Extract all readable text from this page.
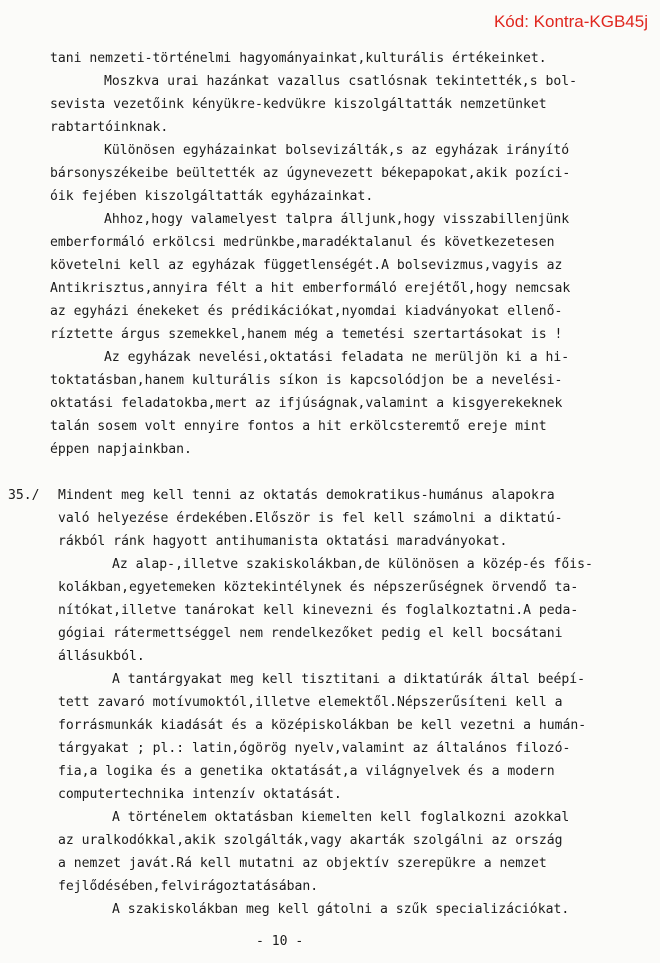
Kód: Kontra-KGB45j
tani nemzeti-történelmi hagyományainkat,kulturális értékeinket.
Moszkva urai hazánkat vazallus csatlósnak tekintették,s bol-
sevista vezetőink kényükre-kedvükre kiszolgáltatták nemzetünket
rabtartóinknak.
Különösen egyházainkat bolsevizálták,s az egyházak irányító
bársonyszékeibe beültették az úgynevezett békepapokat,akik pozíci-
óik fejében kiszolgáltatták egyházainkat.
Ahhoz,hogy valamelyest talpra álljunk,hogy visszabillenjünk
emberformáló erkölcsi medrünkbe,maradéktalanul és következetesen
követelni kell az egyházak függetlenségét.A bolsevizmus,vagyis az
Antikrisztus,annyira félt a hit emberformáló erejétől,hogy nemcsak
az egyházi énekeket és prédikációkat,nyomdai kiadványokat ellenő-
ríztette árgus szemekkel,hanem még a temetési szertartásokat is !
Az egyházak nevelési,oktatási feladata ne merüljön ki a hi-
toktatásban,hanem kulturális síkon is kapcsolódjon be a nevelési-
oktatási feladatokba,mert az ifjúságnak,valamint a kisgyerekeknek
talán sosem volt ennyire fontos a hit erkölcsteremtő ereje mint
éppen napjainkban.
35./ Mindent meg kell tenni az oktatás demokratikus-humánus alapokra
való helyezése érdekében.Először is fel kell számolni a diktatú-
rákból ránk hagyott antihumanista oktatási maradványokat.
Az alap-,illetve szakiskolákban,de különösen a közép-és főis-
kolákban,egyetemeken köztekintélynek és népszerűségnek örvendő ta-
nítókat,illetve tanárokat kell kinevezni és foglalkoztatni.A peda-
gógiai rátermettséggel nem rendelkezőket pedig el kell bocsátani
állásukból.
A tantárgyakat meg kell tisztitani a diktatúrák által beépí-
tett zavaró motívumoktól,illetve elemektől.Népszerűsíteni kell a
forrásmunkák kiadását és a középiskolákban be kell vezetni a humán-
tárgyakat ; pl.: latin,ógörög nyelv,valamint az általános filozó-
fia,a logika és a genetika oktatását,a világnyelvek és a modern
computertechnika intenzív oktatását.
A történelem oktatásban kiemelten kell foglalkozni azokkal
az uralkodókkal,akik szolgálták,vagy akarták szolgálni az ország
a nemzet javát.Rá kell mutatni az objektív szerepükre a nemzet
fejlődésében,felvirágoztatásában.
A szakiskolákban meg kell gátolni a szűk specializációkat.
- 10 -
